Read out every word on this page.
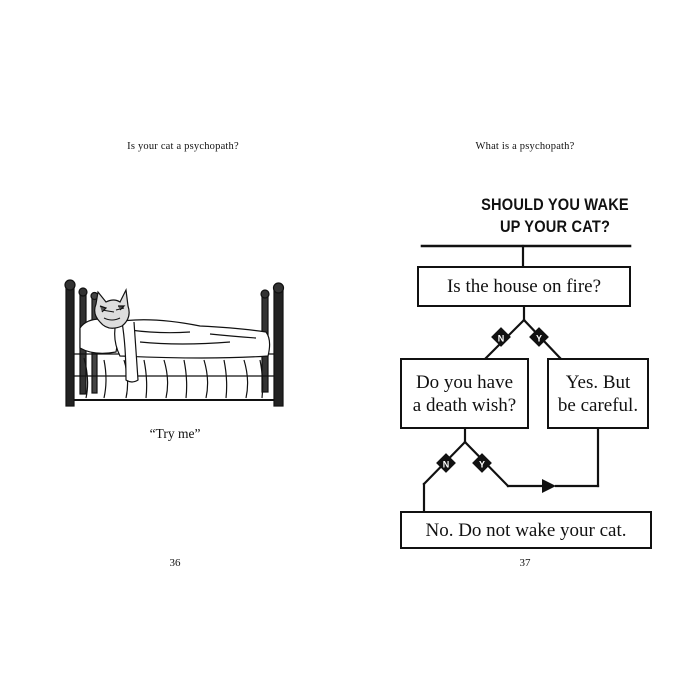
Is your cat a psychopath?
“Try me”
36
What is a psychopath?
SHOULD YOU WAKE
UP YOUR CAT?
N	Y
N	Y
Is the house on fire?
Do you have
a death wish?
Yes. But
be careful.
No. Do not wake your cat.
37
